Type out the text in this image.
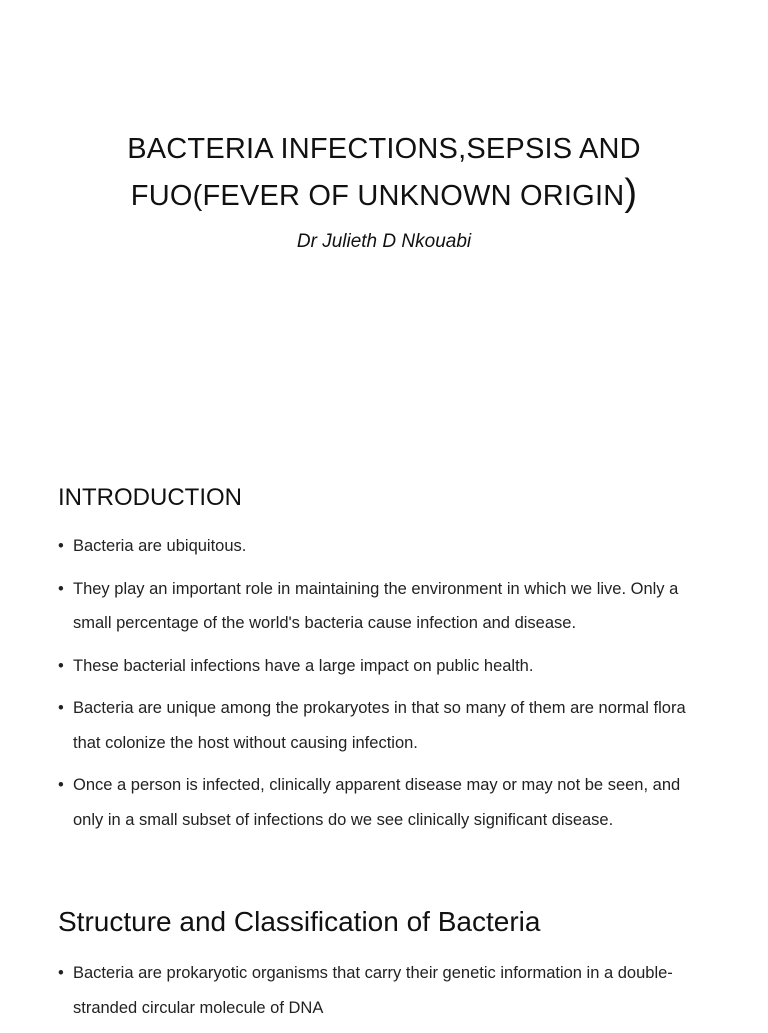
BACTERIA INFECTIONS,SEPSIS AND FUO(FEVER OF UNKNOWN ORIGIN)

Dr Julieth D Nkouabi

INTRODUCTION
• Bacteria are ubiquitous.
• They play an important role in maintaining the environment in which we live. Only a small percentage of the world's bacteria cause infection and disease.
• These bacterial infections have a large impact on public health.
• Bacteria are unique among the prokaryotes in that so many of them are normal flora that colonize the host without causing infection.
• Once a person is infected, clinically apparent disease may or may not be seen, and only in a small subset of infections do we see clinically significant disease.
Structure and Classification of Bacteria
• Bacteria are prokaryotic organisms that carry their genetic information in a double-stranded circular molecule of DNA
